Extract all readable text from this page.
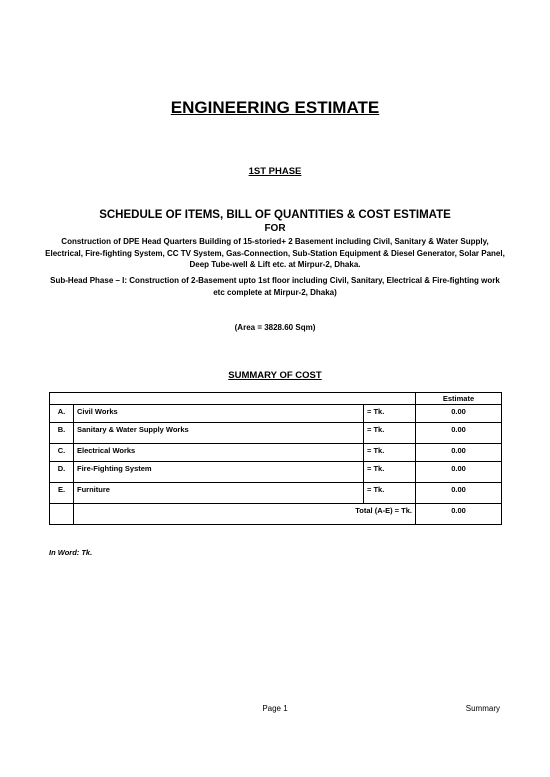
ENGINEERING ESTIMATE
1ST PHASE
SCHEDULE OF ITEMS, BILL OF QUANTITIES & COST ESTIMATE
FOR
Construction of DPE Head Quarters Building of 15-storied+ 2 Basement including Civil, Sanitary & Water Supply, Electrical, Fire-fighting System, CC TV System, Gas-Connection, Sub-Station Equipment & Diesel Generator, Solar Panel, Deep Tube-well & Lift etc. at Mirpur-2, Dhaka.
Sub-Head Phase – I: Construction of 2-Basement upto 1st floor including Civil, Sanitary, Electrical & Fire-fighting work etc complete at Mirpur-2, Dhaka)
(Area = 3828.60 Sqm)
SUMMARY OF COST
			Estimate
A.	Civil Works	= Tk.	0.00
B.	Sanitary & Water Supply Works	= Tk.	0.00
C.	Electrical Works	= Tk.	0.00
D.	Fire-Fighting System	= Tk.	0.00
E.	Furniture	= Tk.	0.00
	Total (A-E) = Tk.		0.00
In Word: Tk.
Page 1	Summary
